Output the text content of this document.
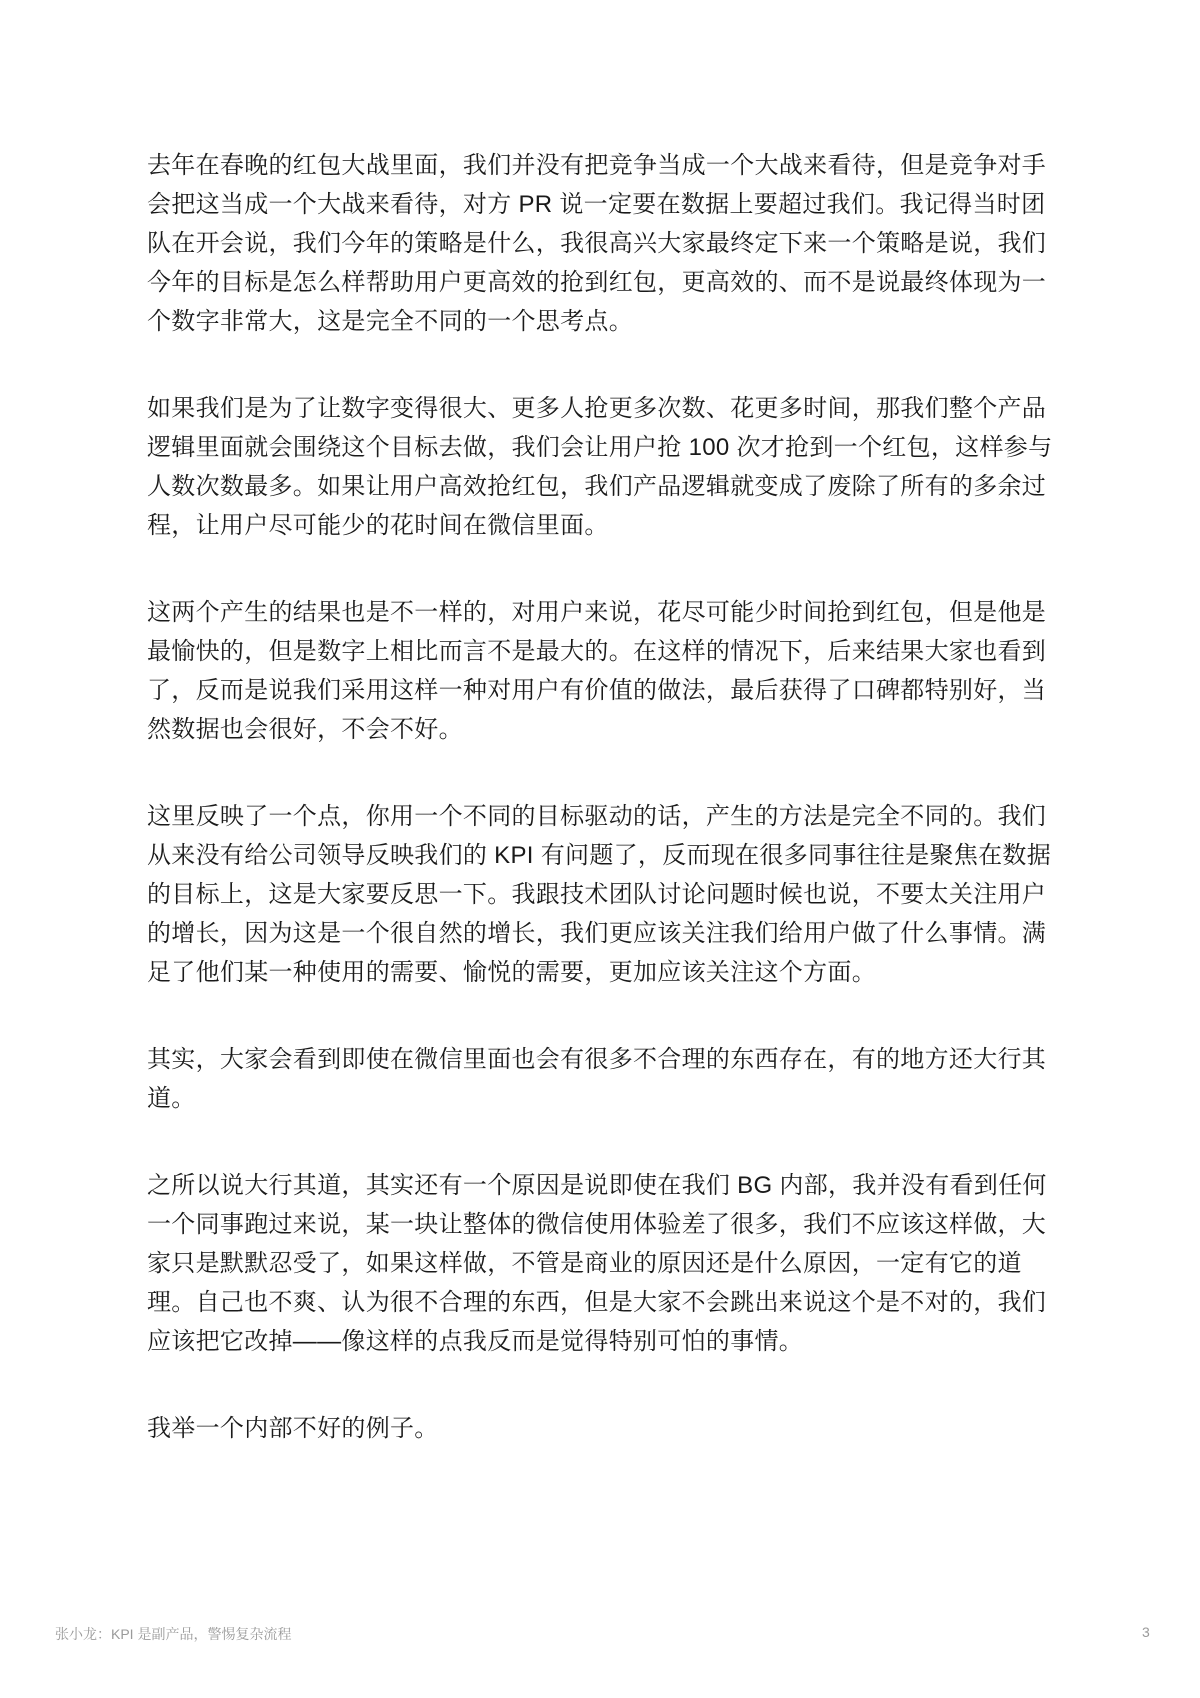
去年在春晚的红包大战里面，我们并没有把竞争当成一个大战来看待，但是竞争对手
会把这当成一个大战来看待，对方 PR 说一定要在数据上要超过我们。我记得当时团
队在开会说，我们今年的策略是什么，我很高兴大家最终定下来一个策略是说，我们
今年的目标是怎么样帮助用户更高效的抢到红包，更高效的、而不是说最终体现为一
个数字非常大，这是完全不同的一个思考点。

如果我们是为了让数字变得很大、更多人抢更多次数、花更多时间，那我们整个产品
逻辑里面就会围绕这个目标去做，我们会让用户抢 100 次才抢到一个红包，这样参与
人数次数最多。如果让用户高效抢红包，我们产品逻辑就变成了废除了所有的多余过
程，让用户尽可能少的花时间在微信里面。

这两个产生的结果也是不一样的，对用户来说，花尽可能少时间抢到红包，但是他是
最愉快的，但是数字上相比而言不是最大的。在这样的情况下，后来结果大家也看到
了，反而是说我们采用这样一种对用户有价值的做法，最后获得了口碑都特别好，当
然数据也会很好，不会不好。

这里反映了一个点，你用一个不同的目标驱动的话，产生的方法是完全不同的。我们
从来没有给公司领导反映我们的 KPI 有问题了，反而现在很多同事往往是聚焦在数据
的目标上，这是大家要反思一下。我跟技术团队讨论问题时候也说，不要太关注用户
的增长，因为这是一个很自然的增长，我们更应该关注我们给用户做了什么事情。满
足了他们某一种使用的需要、愉悦的需要，更加应该关注这个方面。

其实，大家会看到即使在微信里面也会有很多不合理的东西存在，有的地方还大行其
道。

之所以说大行其道，其实还有一个原因是说即使在我们 BG 内部，我并没有看到任何
一个同事跑过来说，某一块让整体的微信使用体验差了很多，我们不应该这样做，大
家只是默默忍受了，如果这样做，不管是商业的原因还是什么原因，一定有它的道
理。自己也不爽、认为很不合理的东西，但是大家不会跳出来说这个是不对的，我们
应该把它改掉——像这样的点我反而是觉得特别可怕的事情。

我举一个内部不好的例子。

张小龙：KPI 是副产品，警惕复杂流程	3
